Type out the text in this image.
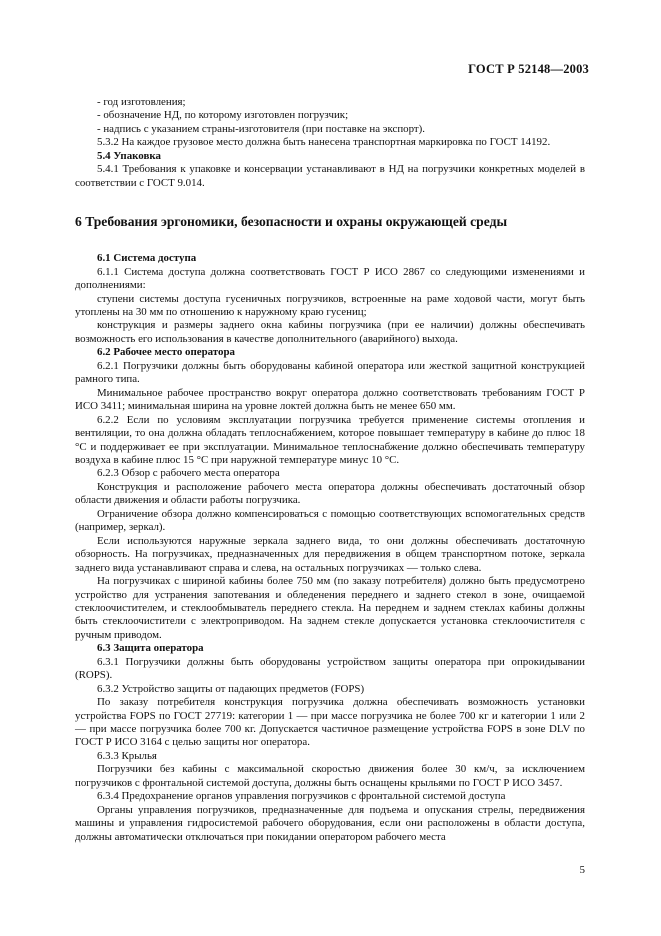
ГОСТ Р 52148—2003

- год изготовления;

- обозначение НД, по которому изготовлен погрузчик;

- надпись с указанием страны-изготовителя (при поставке на экспорт).

5.3.2 На каждое грузовое место должна быть нанесена транспортная маркировка по ГОСТ 14192.

5.4 Упаковка

5.4.1 Требования к упаковке и консервации устанавливают в НД на погрузчики конкретных моделей в соответствии с ГОСТ 9.014.

6 Требования эргономики, безопасности и охраны окружающей среды

6.1 Система доступа

6.1.1 Система доступа должна соответствовать ГОСТ Р ИСО 2867 со следующими изменениями и дополнениями:

ступени системы доступа гусеничных погрузчиков, встроенные на раме ходовой части, могут быть утоплены на 30 мм по отношению к наружному краю гусениц;

конструкция и размеры заднего окна кабины погрузчика (при ее наличии) должны обеспечивать возможность его использования в качестве дополнительного (аварийного) выхода.

6.2 Рабочее место оператора

6.2.1 Погрузчики должны быть оборудованы кабиной оператора или жесткой защитной конструкцией рамного типа.

Минимальное рабочее пространство вокруг оператора должно соответствовать требованиям ГОСТ Р ИСО 3411; минимальная ширина на уровне локтей должна быть не менее 650 мм.

6.2.2 Если по условиям эксплуатации погрузчика требуется применение системы отопления и вентиляции, то она должна обладать теплоснабжением, которое повышает температуру в кабине до плюс 18 °С и поддерживает ее при эксплуатации. Минимальное теплоснабжение должно обеспечивать температуру воздуха в кабине плюс 15 °С при наружной температуре минус 10 °С.

6.2.3 Обзор с рабочего места оператора

Конструкция и расположение рабочего места оператора должны обеспечивать достаточный обзор области движения и области работы погрузчика.

Ограничение обзора должно компенсироваться с помощью соответствующих вспомогательных средств (например, зеркал).

Если используются наружные зеркала заднего вида, то они должны обеспечивать достаточную обзорность. На погрузчиках, предназначенных для передвижения в общем транспортном потоке, зеркала заднего вида устанавливают справа и слева, на остальных погрузчиках — только слева.

На погрузчиках с шириной кабины более 750 мм (по заказу потребителя) должно быть предусмотрено устройство для устранения запотевания и обледенения переднего и заднего стекол в зоне, очищаемой стеклоочистителем, и стеклообмыватель переднего стекла. На переднем и заднем стеклах кабины должны быть стеклоочистители с электроприводом. На заднем стекле допускается установка стеклоочистителя с ручным приводом.

6.3 Защита оператора

6.3.1 Погрузчики должны быть оборудованы устройством защиты оператора при опрокидывании (ROPS).

6.3.2 Устройство защиты от падающих предметов (FOPS)

По заказу потребителя конструкция погрузчика должна обеспечивать возможность установки устройства FOPS по ГОСТ 27719: категории 1 — при массе погрузчика не более 700 кг и категории 1 или 2 — при массе погрузчика более 700 кг. Допускается частичное размещение устройства FOPS в зоне DLV по ГОСТ Р ИСО 3164 с целью защиты ног оператора.

6.3.3 Крылья

Погрузчики без кабины с максимальной скоростью движения более 30 км/ч, за исключением погрузчиков с фронтальной системой доступа, должны быть оснащены крыльями по ГОСТ Р ИСО 3457.

6.3.4 Предохранение органов управления погрузчиков с фронтальной системой доступа

Органы управления погрузчиков, предназначенные для подъема и опускания стрелы, передвижения машины и управления гидросистемой рабочего оборудования, если они расположены в области доступа, должны автоматически отключаться при покидании оператором рабочего места

5
